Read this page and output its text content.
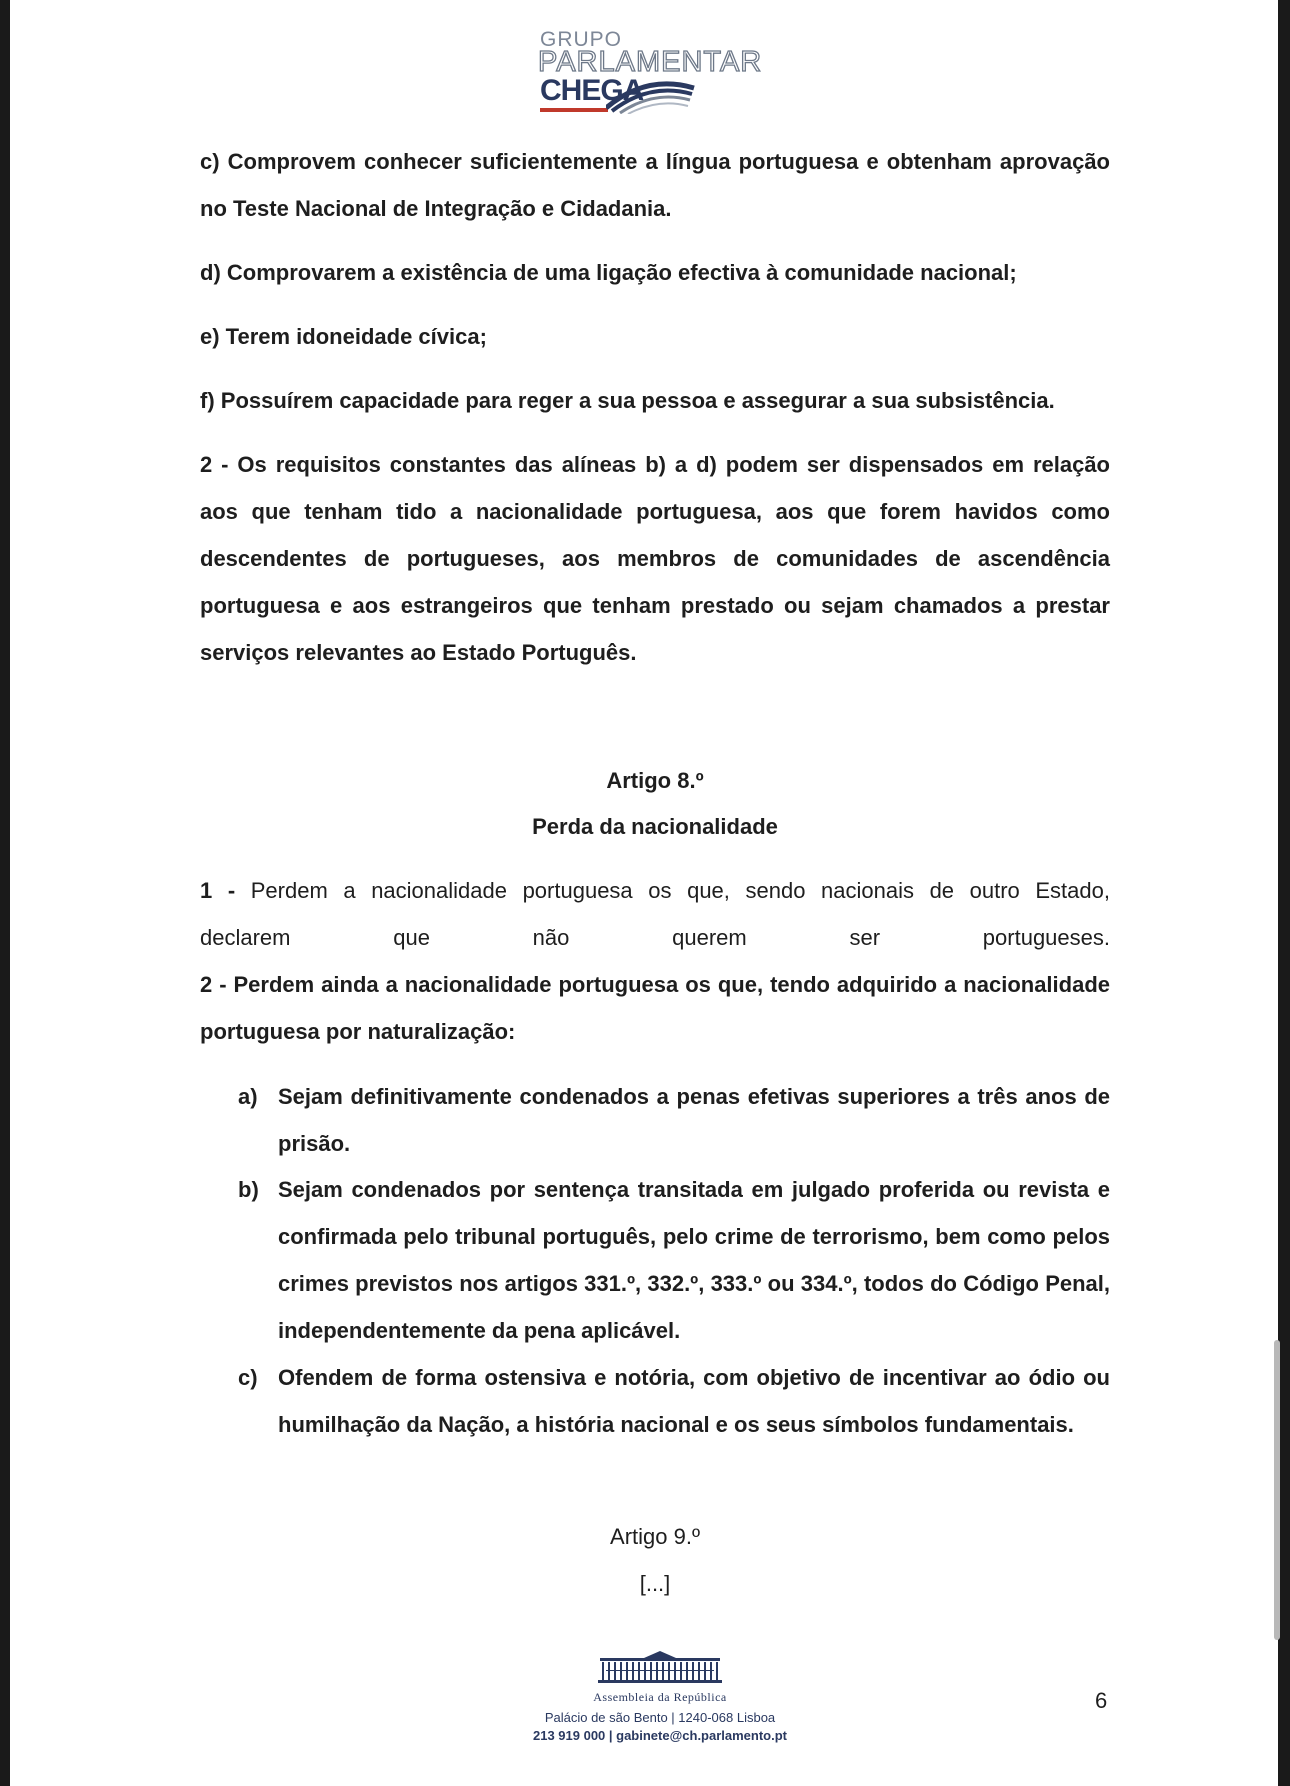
GRUPO
PARLAMENTAR
CHEGA

c) Comprovem conhecer suficientemente a língua portuguesa e obtenham aprovação no Teste Nacional de Integração e Cidadania.

d) Comprovarem a existência de uma ligação efectiva à comunidade nacional;

e) Terem idoneidade cívica;

f) Possuírem capacidade para reger a sua pessoa e assegurar a sua subsistência.

2 - Os requisitos constantes das alíneas b) a d) podem ser dispensados em relação aos que tenham tido a nacionalidade portuguesa, aos que forem havidos como descendentes de portugueses, aos membros de comunidades de ascendência portuguesa e aos estrangeiros que tenham prestado ou sejam chamados a prestar serviços relevantes ao Estado Português.

Artigo 8.º

Perda da nacionalidade

1 - Perdem a nacionalidade portuguesa os que, sendo nacionais de outro Estado,

declarem que não querem ser portugueses.

2 - Perdem ainda a nacionalidade portuguesa os que, tendo adquirido a nacionalidade portuguesa por naturalização:

a) Sejam definitivamente condenados a penas efetivas superiores a três anos de prisão.
b) Sejam condenados por sentença transitada em julgado proferida ou revista e confirmada pelo tribunal português, pelo crime de terrorismo, bem como pelos crimes previstos nos artigos 331.º, 332.º, 333.º ou 334.º, todos do Código Penal, independentemente da pena aplicável.
c) Ofendem de forma ostensiva e notória, com objetivo de incentivar ao ódio ou humilhação da Nação, a história nacional e os seus símbolos fundamentais.

Artigo 9.º

[...]

Assembleia da República
Palácio de são Bento | 1240-068 Lisboa
213 919 000 | gabinete@ch.parlamento.pt
6
